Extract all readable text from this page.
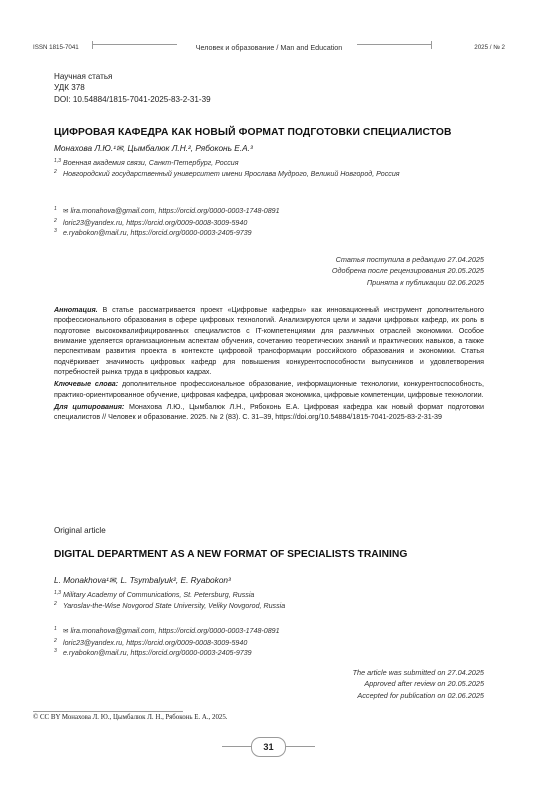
ISSN 1815-7041	Человек и образование / Man and Education	2025 / № 2
Научная статья
УДК 378
DOI: 10.54884/1815-7041-2025-83-2-31-39
ЦИФРОВАЯ КАФЕДРА КАК НОВЫЙ ФОРМАТ ПОДГОТОВКИ СПЕЦИАЛИСТОВ
Монахова Л.Ю.¹✉, Цымбалюк Л.Н.², Рябоконь Е.А.³
1,3 Военная академия связи, Санкт-Петербург, Россия
2 Новгородский государственный университет имени Ярослава Мудрого, Великий Новгород, Россия
1 ✉ lira.monahova@gmail.com, https://orcid.org/0000-0003-1748-0891
2 loric23@yandex.ru, https://orcid.org/0009-0008-3009-5940
3 e.ryabokon@mail.ru, https://orcid.org/0000-0003-2405-9739
Статья поступила в редакцию 27.04.2025
Одобрена после рецензирования 20.05.2025
Принята к публикации 02.06.2025

Аннотация. В статье рассматривается проект «Цифровые кафедры» как инновационный инструмент дополнительного профессионального образования в сфере цифровых технологий. Анализируются цели и задачи цифровых кафедр, их роль в подготовке высококвалифицированных специалистов с IT-компетенциями для различных отраслей экономики. Особое внимание уделяется организационным аспектам обучения, сочетанию теоретических знаний и практических навыков, а также перспективам развития проекта в контексте цифровой трансформации российского образования и экономики. Статья подчёркивает значимость цифровых кафедр для повышения конкурентоспособности выпускников и удовлетворения потребностей рынка труда в цифровых кадрах.

Ключевые слова: дополнительное профессиональное образование, информационные технологии, конкурентоспособность, практико-ориентированное обучение, цифровая кафедра, цифровая экономика, цифровые компетенции, цифровые технологии.

Для цитирования: Монахова Л.Ю., Цымбалюк Л.Н., Рябоконь Е.А. Цифровая кафедра как новый формат подготовки специалистов // Человек и образование. 2025. № 2 (83). С. 31–39, https://doi.org/10.54884/1815-7041-2025-83-2-31-39

Original article
DIGITAL DEPARTMENT AS A NEW FORMAT OF SPECIALISTS TRAINING
L. Monakhova¹✉, L. Tsymbalyuk², E. Ryabokon³
1,3 Military Academy of Communications, St. Petersburg, Russia
2 Yaroslav-the-Wise Novgorod State University, Veliky Novgorod, Russia
1 ✉ lira.monahova@gmail.com, https://orcid.org/0000-0003-1748-0891
2 loric23@yandex.ru, https://orcid.org/0009-0008-3009-5940
3 e.ryabokon@mail.ru, https://orcid.org/0000-0003-2405-9739
The article was submitted on 27.04.2025
Approved after review on 20.05.2025
Accepted for publication on 02.06.2025
© CC BY Монахова Л. Ю., Цымбалюк Л. Н., Рябоконь Е. А., 2025.
31
